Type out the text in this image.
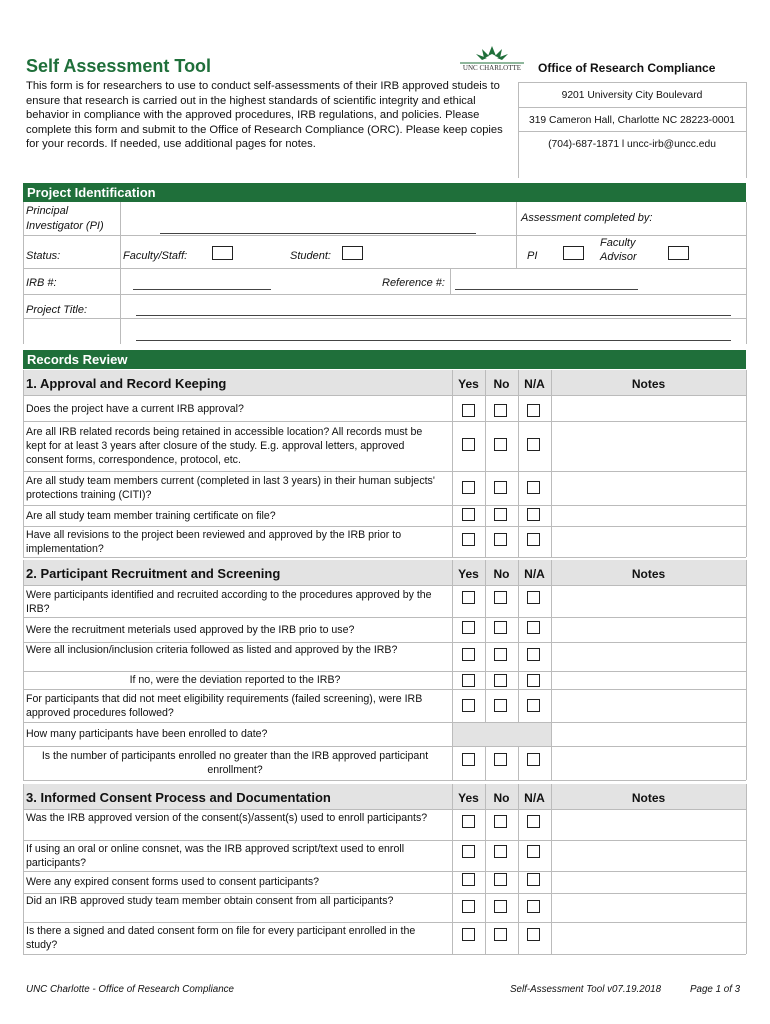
Self Assessment Tool
This form is for researchers to use to conduct self-assessments of their IRB approved studeis to ensure that research is carried out in the highest standards of scientific integrity and ethical behavior in compliance with the approved procedures, IRB regulations, and policies. Please complete this form and submit to the Office of Research Compliance (ORC). Please keep copies for your records. If needed, use additional pages for notes.
UNC CHARLOTTE	Office of Research Compliance
9201 University City Boulevard
319 Cameron Hall, Charlotte NC 28223-0001
(704)-687-1871 l uncc-irb@uncc.edu
Project Identification
Principal Investigator (PI)
Assessment completed by:
Status:	Faculty/Staff:	Student:	PI
Faculty Advisor
IRB #:	Reference #:
Project Title:
Records Review
1. Approval and Record Keeping	Yes	No	N/A	Notes
Does the project have a current IRB approval?
Are all IRB related records being retained in accessible location? All records must be kept for at least 3 years after closure of the study. E.g. approval letters, approved consent forms, correspondence, protocol, etc.
Are all study team members current (completed in last 3 years) in their human subjects' protections training (CITI)?
Are all study team member training certificate on file?
Have all revisions to the project been reviewed and approved by the IRB prior to implementation?
2. Participant Recruitment and Screening	Yes	No	N/A	Notes
Were participants identified and recruited according to the procedures approved by the IRB?
Were the recruitment meterials used approved by the IRB prio to use?
Were all inclusion/inclusion criteria followed as listed and approved by the IRB?
If no, were the deviation reported to the IRB?
For participants that did not meet eligibility requirements (failed screening), were IRB approved procedures followed?
How many participants have been enrolled to date?
Is the number of participants enrolled no greater than the IRB approved participant enrollment?
3. Informed Consent Process and Documentation	Yes	No	N/A	Notes
Was the IRB approved version of the consent(s)/assent(s) used to enroll participants?
If using an oral or online consnet, was the IRB approved script/text used to enroll participants?
Were any expired consent forms used to consent participants?
Did an IRB approved study team member obtain consent from all participants?
Is there a signed and dated consent form on file for every participant enrolled in the study?
UNC Charlotte - Office of Research Compliance	Self-Assessment Tool v07.19.2018	Page 1 of 3
